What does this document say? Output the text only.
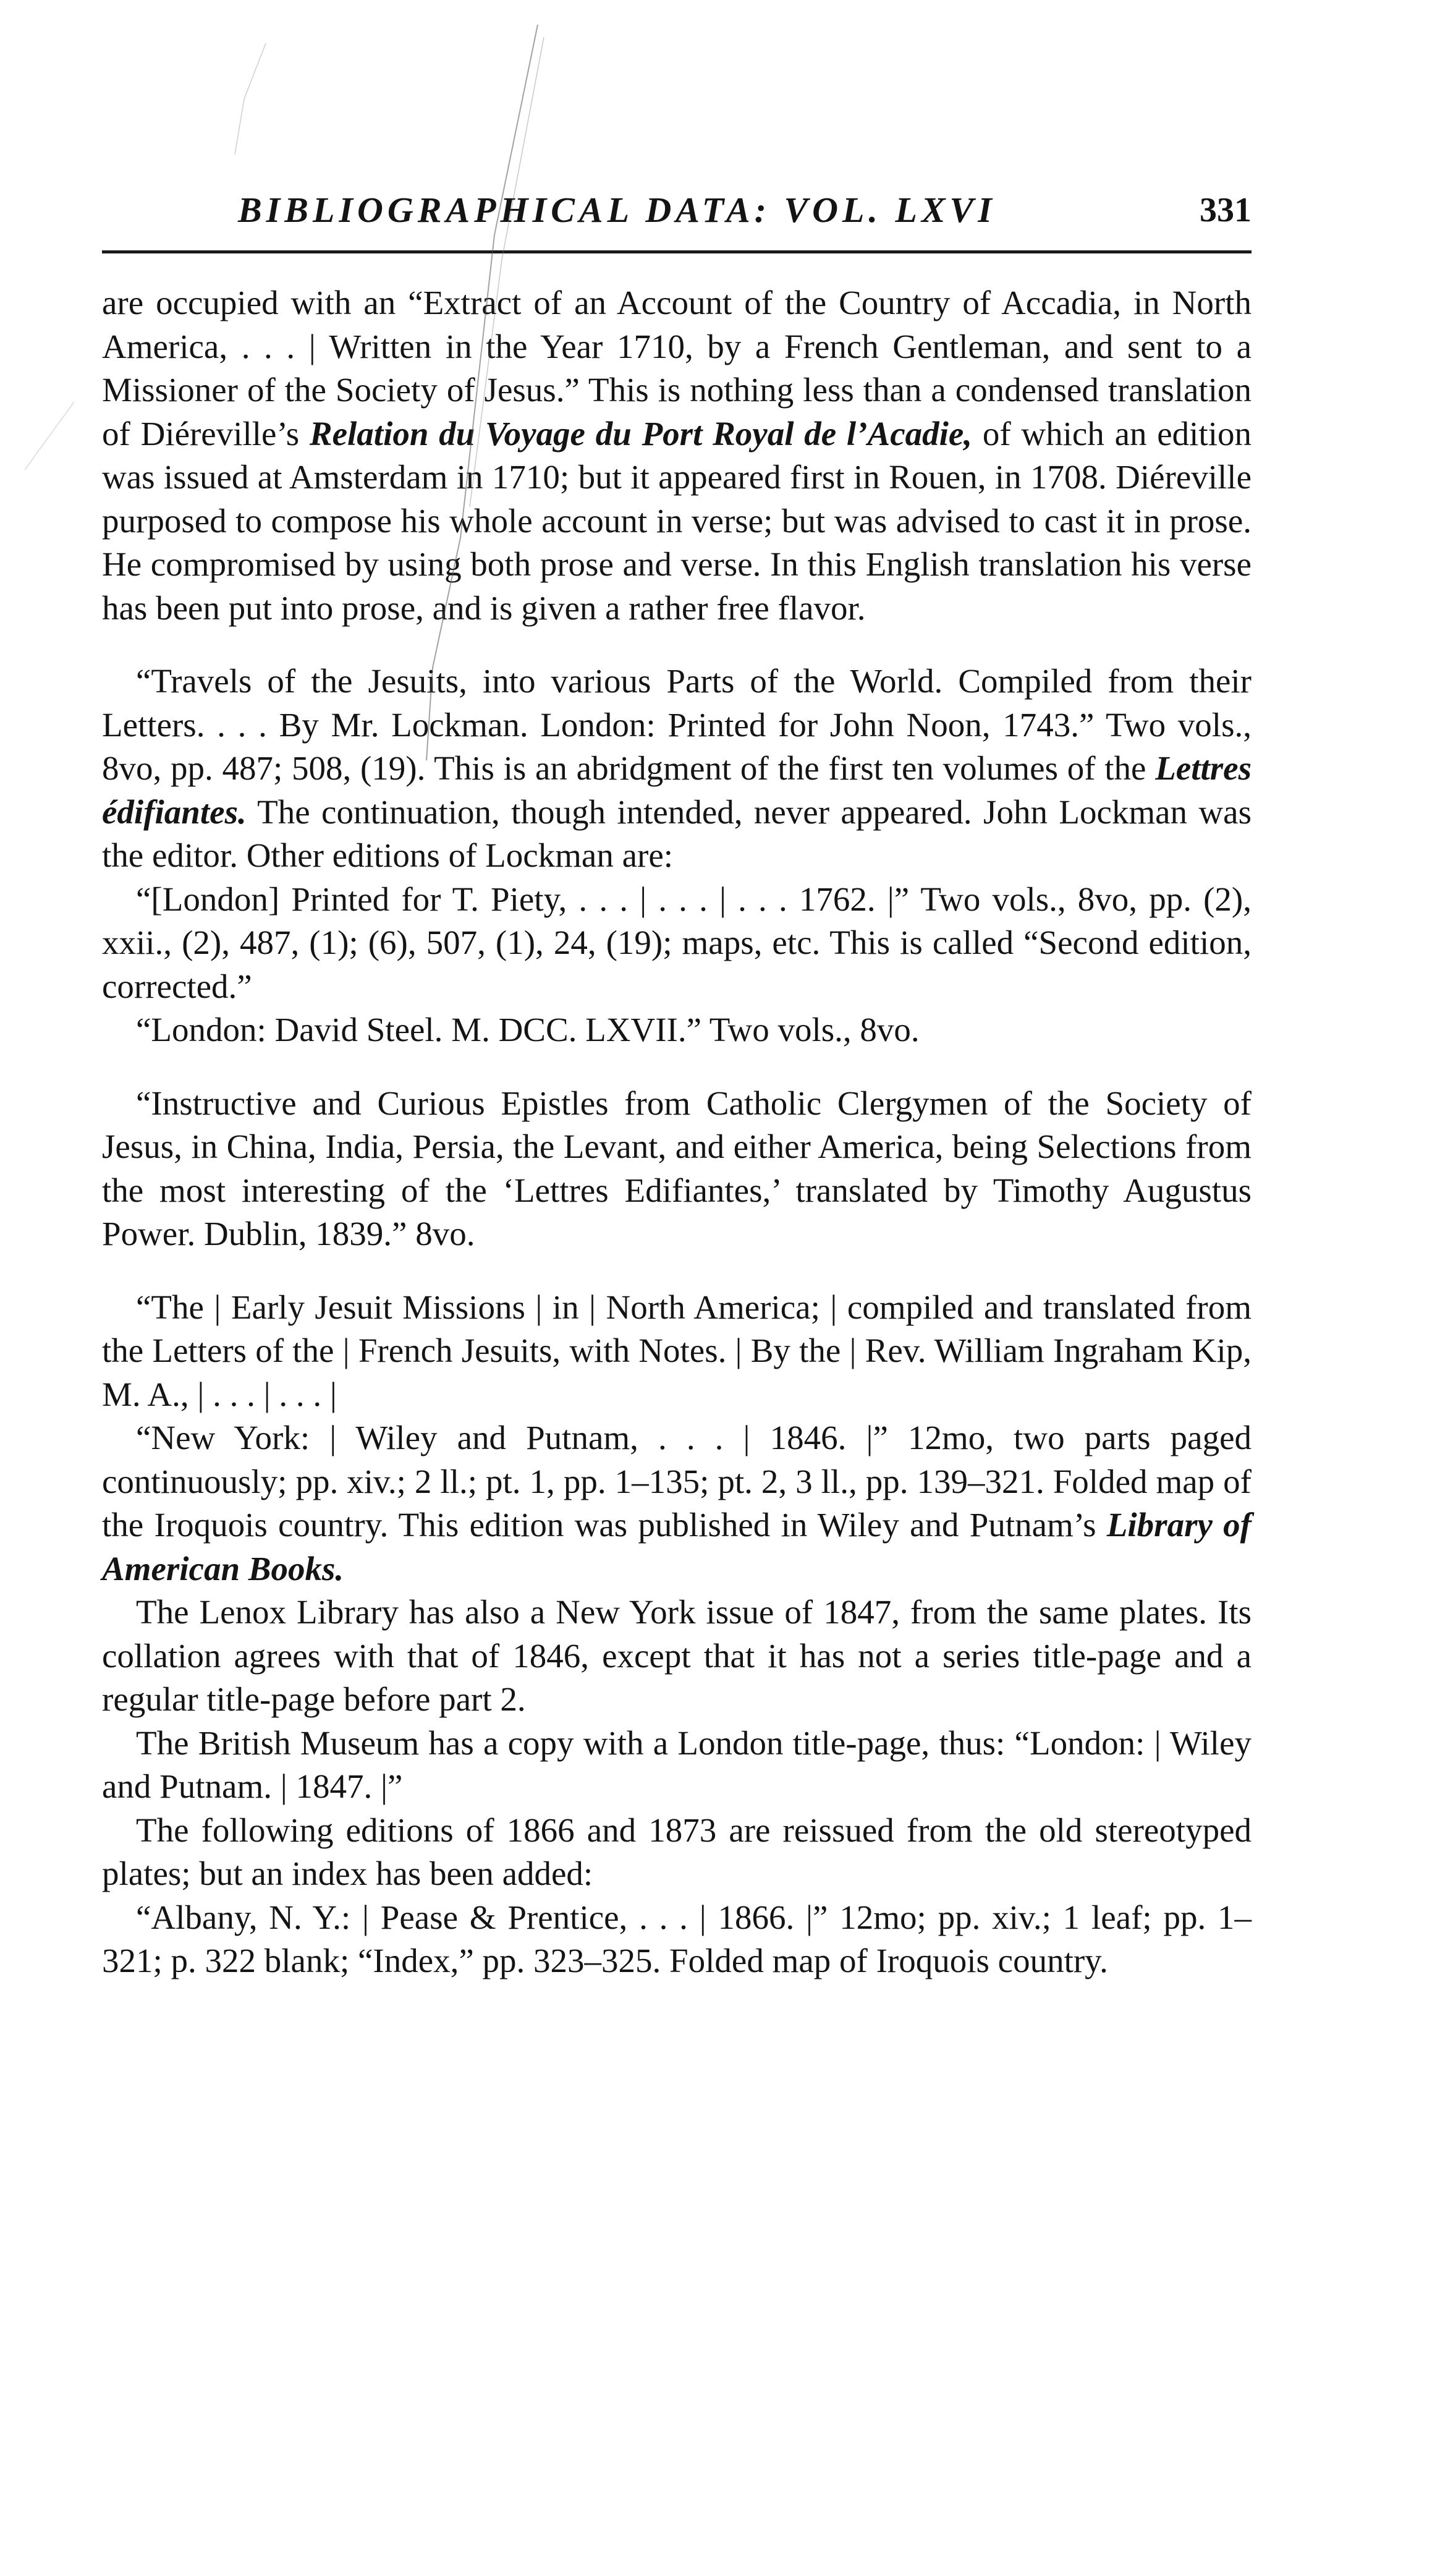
BIBLIOGRAPHICAL DATA: VOL. LXVI	331

are occupied with an “Extract of an Account of the Country of Accadia, in North America, . . . | Written in the Year 1710, by a French Gentleman, and sent to a Missioner of the Society of Jesus.” This is nothing less than a condensed translation of Diéreville’s Relation du Voyage du Port Royal de l’Acadie, of which an edition was issued at Amsterdam in 1710; but it appeared first in Rouen, in 1708. Diéreville purposed to compose his whole account in verse; but was advised to cast it in prose. He compromised by using both prose and verse. In this English translation his verse has been put into prose, and is given a rather free flavor.

“Travels of the Jesuits, into various Parts of the World. Compiled from their Letters. . . . By Mr. Lockman. London: Printed for John Noon, 1743.” Two vols., 8vo, pp. 487; 508, (19). This is an abridgment of the first ten volumes of the Lettres édifiantes. The continuation, though intended, never appeared. John Lockman was the editor. Other editions of Lockman are:

“[London] Printed for T. Piety, . . . | . . . | . . . 1762. |” Two vols., 8vo, pp. (2), xxii., (2), 487, (1); (6), 507, (1), 24, (19); maps, etc. This is called “Second edition, corrected.”

“London: David Steel. M. DCC. LXVII.” Two vols., 8vo.

“Instructive and Curious Epistles from Catholic Clergymen of the Society of Jesus, in China, India, Persia, the Levant, and either America, being Selections from the most interesting of the ‘Lettres Edifiantes,’ translated by Timothy Augustus Power. Dublin, 1839.” 8vo.

“The | Early Jesuit Missions | in | North America; | compiled and translated from the Letters of the | French Jesuits, with Notes. | By the | Rev. William Ingraham Kip, M. A., | . . . | . . . |

“New York: | Wiley and Putnam, . . . | 1846. |” 12mo, two parts paged continuously; pp. xiv.; 2 ll.; pt. 1, pp. 1–135; pt. 2, 3 ll., pp. 139–321. Folded map of the Iroquois country. This edition was published in Wiley and Putnam’s Library of American Books.

The Lenox Library has also a New York issue of 1847, from the same plates. Its collation agrees with that of 1846, except that it has not a series title-page and a regular title-page before part 2.

The British Museum has a copy with a London title-page, thus: “London: | Wiley and Putnam. | 1847. |”

The following editions of 1866 and 1873 are reissued from the old stereotyped plates; but an index has been added:

“Albany, N. Y.: | Pease & Prentice, . . . | 1866. |” 12mo; pp. xiv.; 1 leaf; pp. 1–321; p. 322 blank; “Index,” pp. 323–325. Folded map of Iroquois country.
